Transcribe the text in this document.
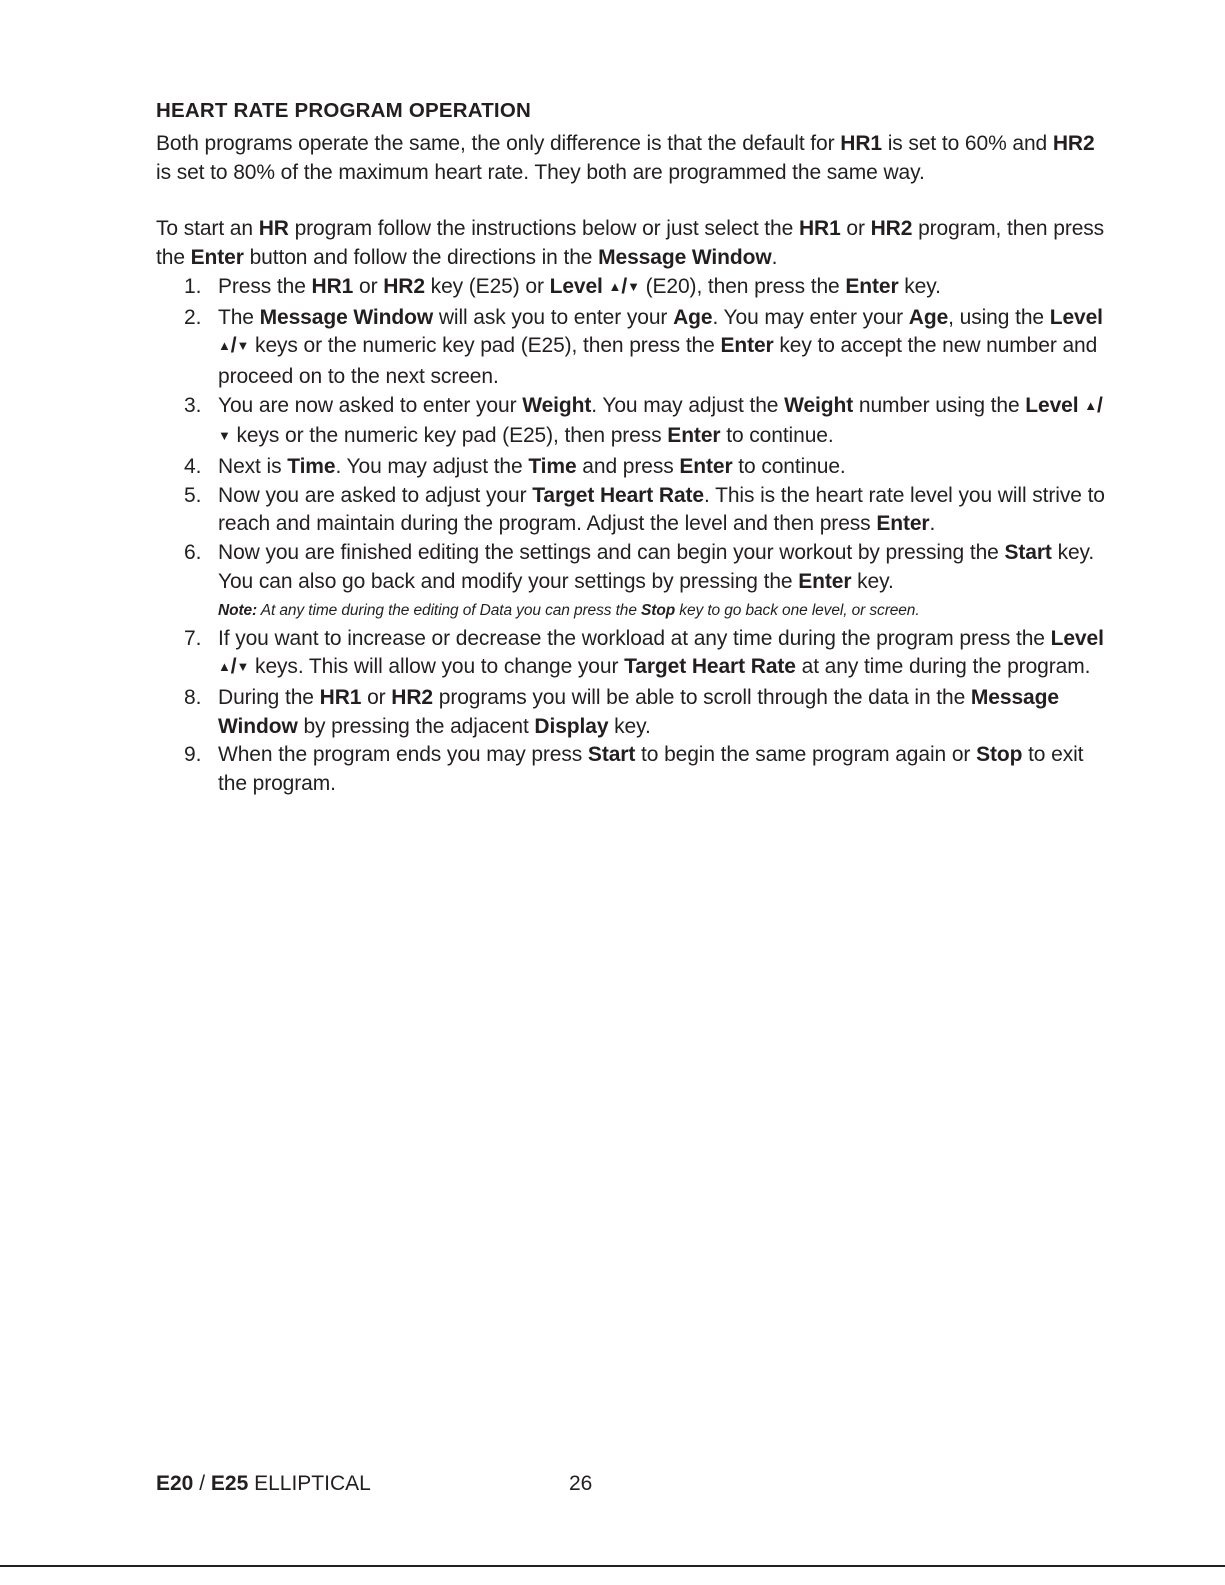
HEART RATE PROGRAM OPERATION

Both programs operate the same, the only difference is that the default for HR1 is set to 60% and HR2 is set to 80% of the maximum heart rate. They both are programmed the same way.

To start an HR program follow the instructions below or just select the HR1 or HR2 program, then press the Enter button and follow the directions in the Message Window.

1. Press the HR1 or HR2 key (E25) or Level ▲/▼ (E20), then press the Enter key.
2. The Message Window will ask you to enter your Age. You may enter your Age, using the Level ▲/▼ keys or the numeric key pad (E25), then press the Enter key to accept the new number and proceed on to the next screen.
3. You are now asked to enter your Weight. You may adjust the Weight number using the Level ▲/▼ keys or the numeric key pad (E25), then press Enter to continue.
4. Next is Time. You may adjust the Time and press Enter to continue.
5. Now you are asked to adjust your Target Heart Rate. This is the heart rate level you will strive to reach and maintain during the program. Adjust the level and then press Enter.
6. Now you are finished editing the settings and can begin your workout by pressing the Start key. You can also go back and modify your settings by pressing the Enter key.
Note: At any time during the editing of Data you can press the Stop key to go back one level, or screen.
7. If you want to increase or decrease the workload at any time during the program press the Level ▲/▼ keys. This will allow you to change your Target Heart Rate at any time during the program.
8. During the HR1 or HR2 programs you will be able to scroll through the data in the Message Window by pressing the adjacent Display key.
9. When the program ends you may press Start to begin the same program again or Stop to exit the program.
E20 / E25 ELLIPTICAL	26
